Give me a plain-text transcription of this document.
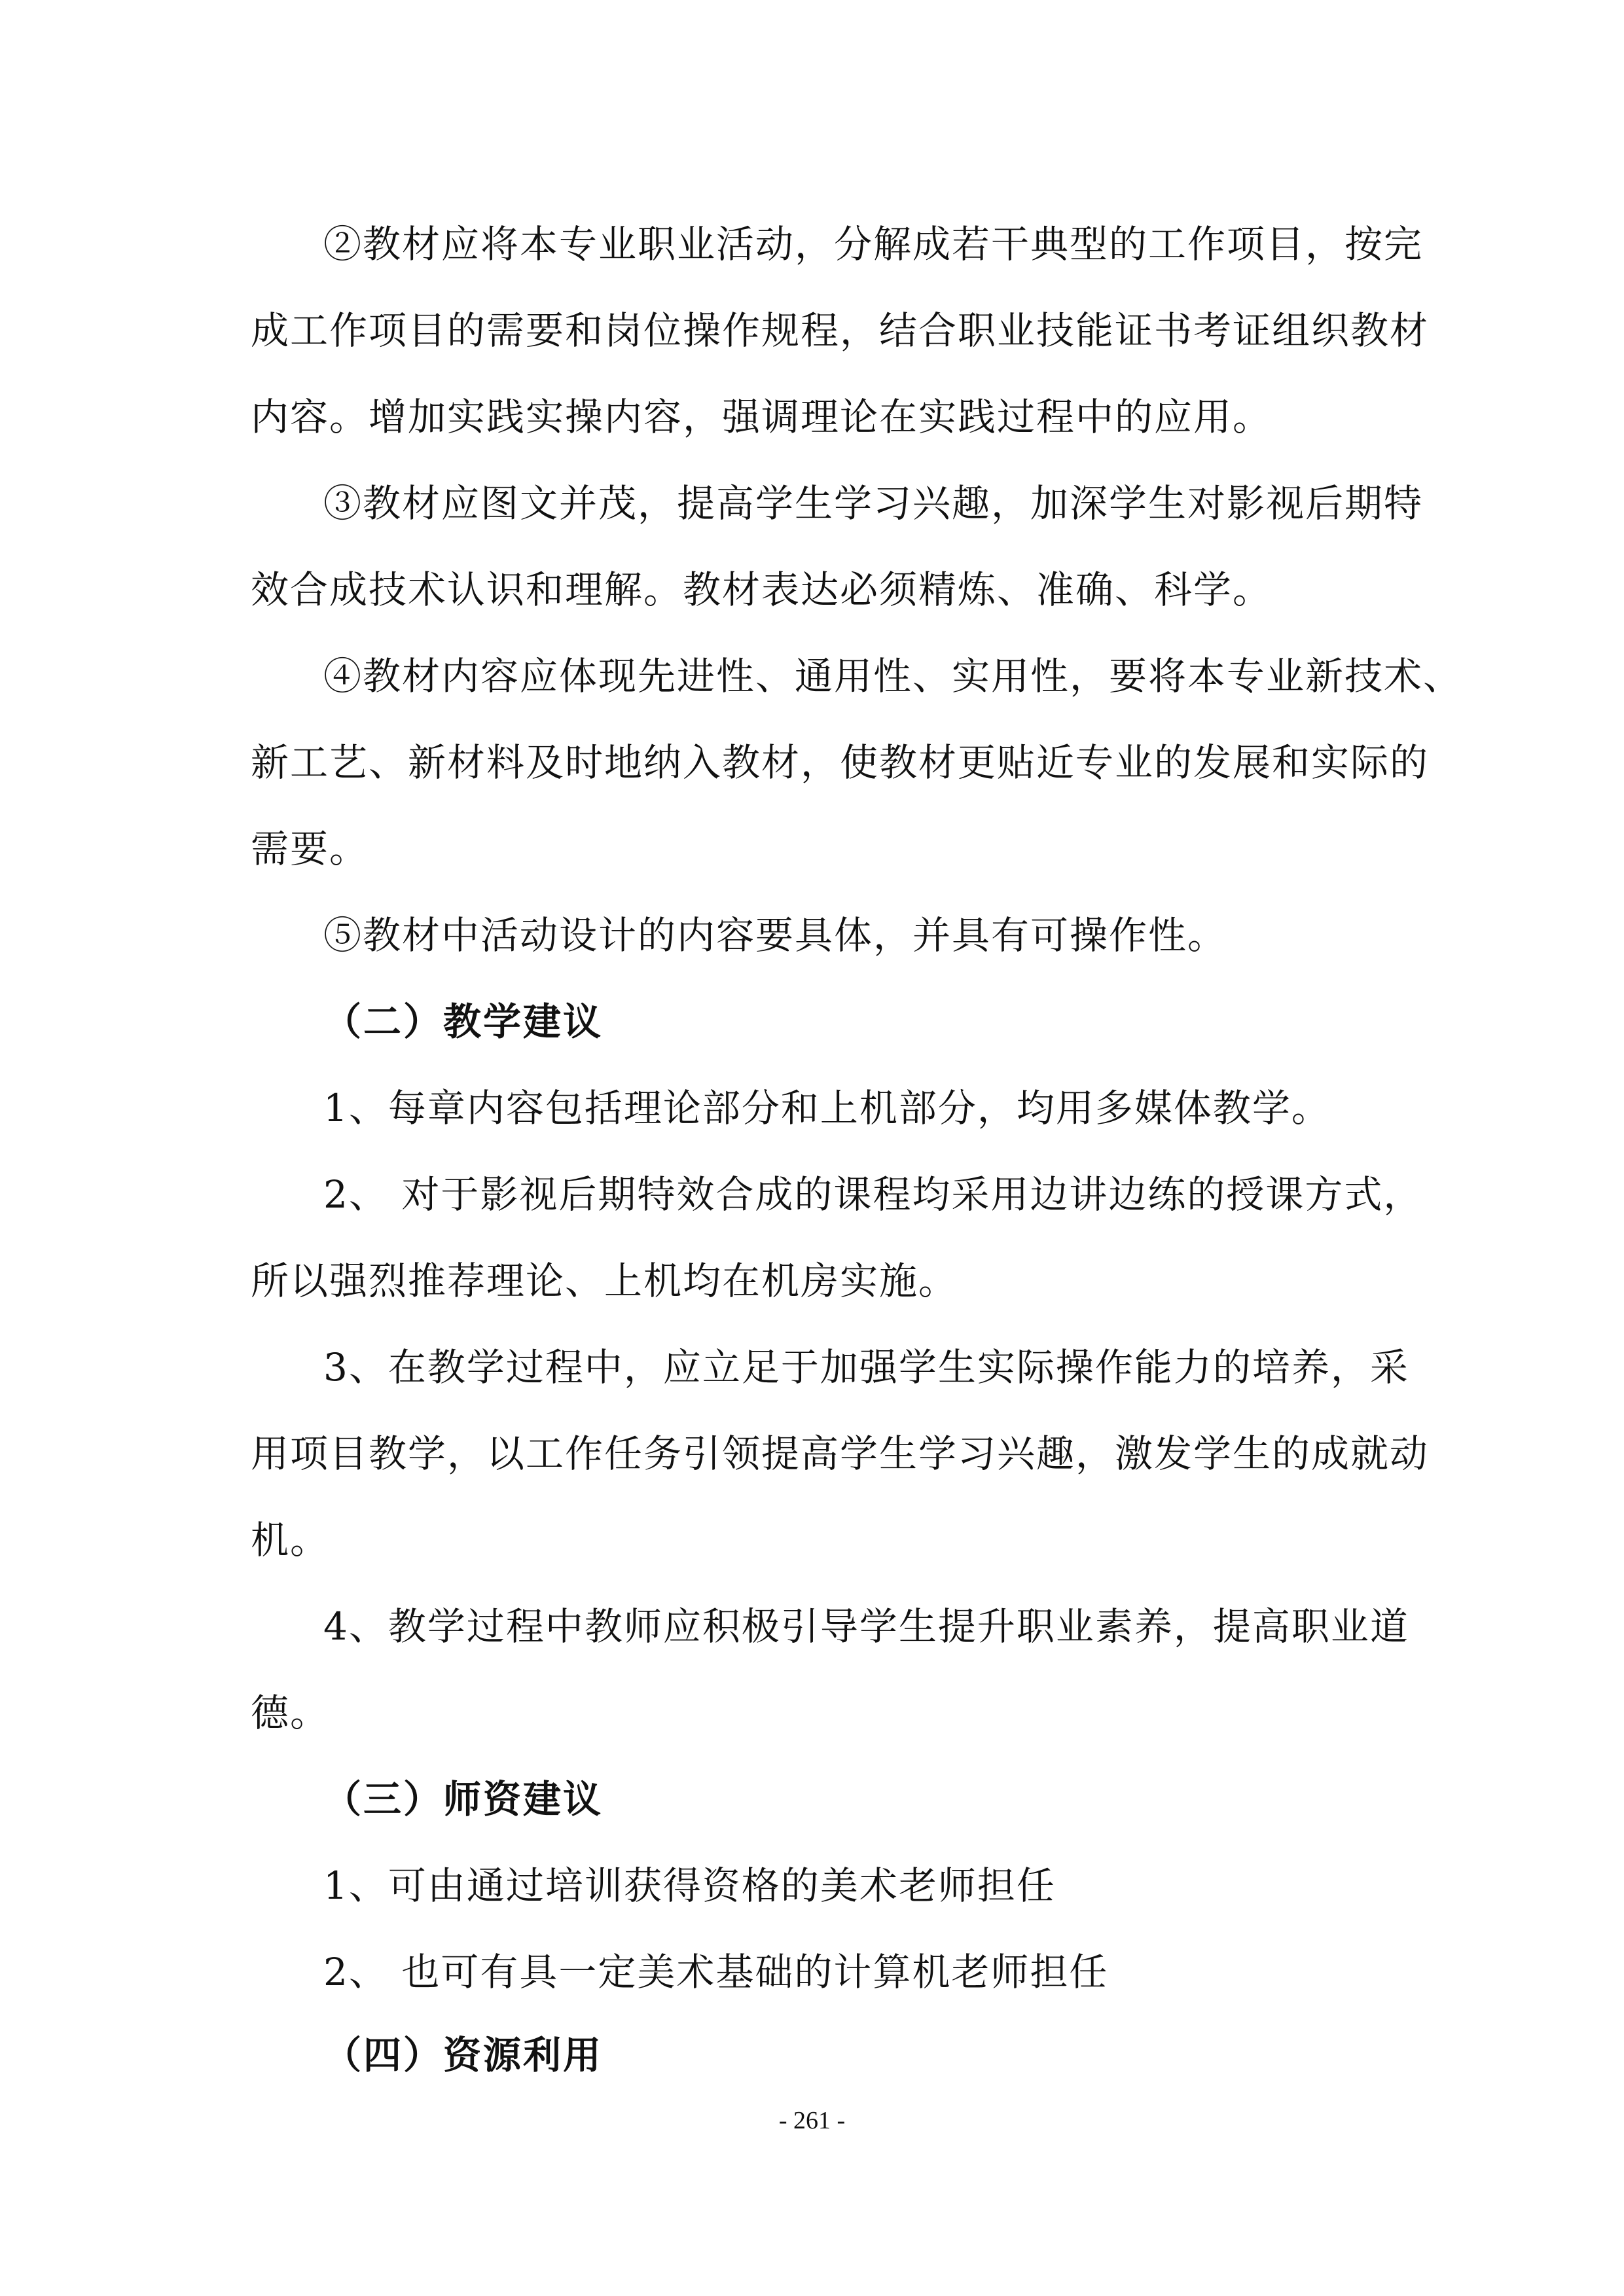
②教材应将本专业职业活动，分解成若干典型的工作项目，按完
成工作项目的需要和岗位操作规程，结合职业技能证书考证组织教材
内容。增加实践实操内容，强调理论在实践过程中的应用。
③教材应图文并茂，提高学生学习兴趣，加深学生对影视后期特
效合成技术认识和理解。教材表达必须精炼、准确、科学。
④教材内容应体现先进性、通用性、实用性，要将本专业新技术、
新工艺、新材料及时地纳入教材，使教材更贴近专业的发展和实际的
需要。
⑤教材中活动设计的内容要具体，并具有可操作性。
（二）教学建议
1、每章内容包括理论部分和上机部分，均用多媒体教学。
2、 对于影视后期特效合成的课程均采用边讲边练的授课方式，
所以强烈推荐理论、上机均在机房实施。
3、在教学过程中，应立足于加强学生实际操作能力的培养，采
用项目教学，以工作任务引领提高学生学习兴趣，激发学生的成就动
机。
4、教学过程中教师应积极引导学生提升职业素养，提高职业道
德。
（三）师资建议
1、可由通过培训获得资格的美术老师担任
2、 也可有具一定美术基础的计算机老师担任
（四）资源利用
- 261 -
